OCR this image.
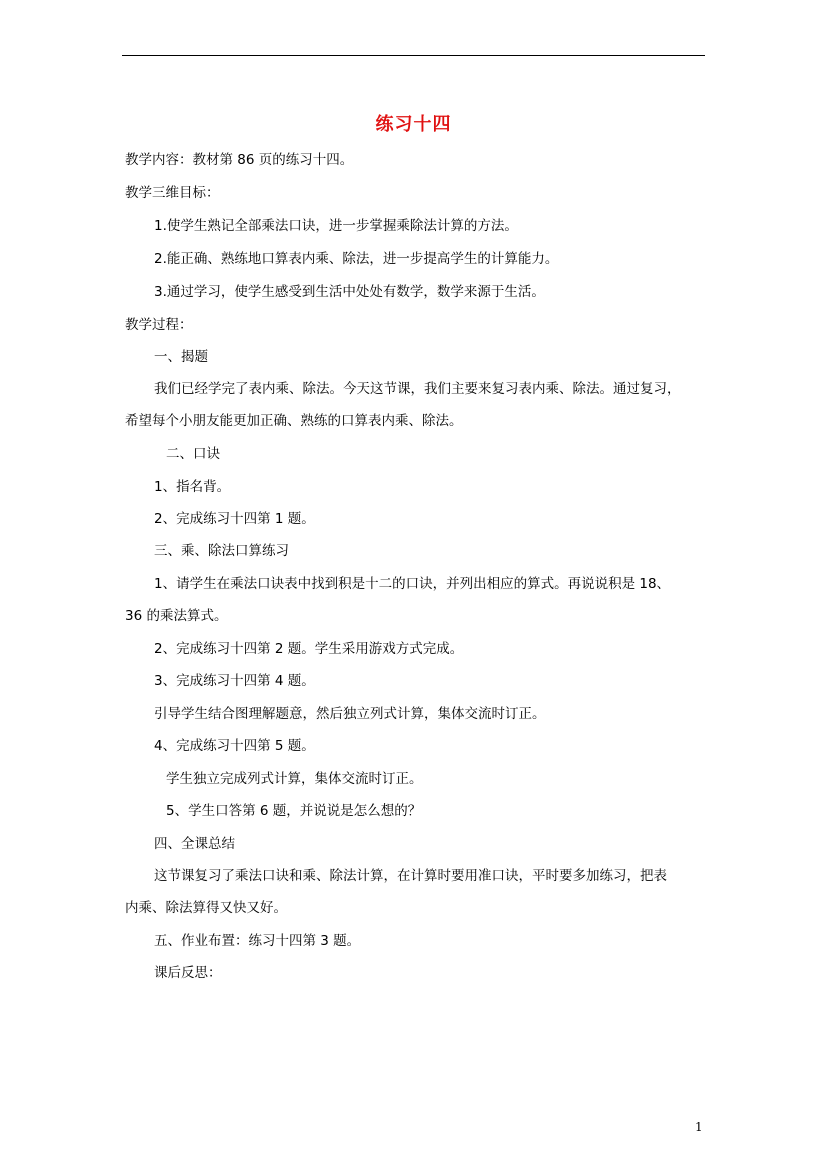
练习十四
教学内容：教材第 86 页的练习十四。
教学三维目标：
1.使学生熟记全部乘法口诀，进一步掌握乘除法计算的方法。
2.能正确、熟练地口算表内乘、除法，进一步提高学生的计算能力。
3.通过学习，使学生感受到生活中处处有数学，数学来源于生活。
教学过程：
一、揭题
我们已经学完了表内乘、除法。今天这节课，我们主要来复习表内乘、除法。通过复习，
希望每个小朋友能更加正确、熟练的口算表内乘、除法。
二、口诀
1、指名背。
2、完成练习十四第 1 题。
三、乘、除法口算练习
1、请学生在乘法口诀表中找到积是十二的口诀，并列出相应的算式。再说说积是 18、
36 的乘法算式。
2、完成练习十四第 2 题。学生采用游戏方式完成。
3、完成练习十四第 4 题。
引导学生结合图理解题意，然后独立列式计算，集体交流时订正。
4、完成练习十四第 5 题。
学生独立完成列式计算，集体交流时订正。
5、学生口答第 6 题，并说说是怎么想的？
四、全课总结
这节课复习了乘法口诀和乘、除法计算，在计算时要用准口诀，平时要多加练习，把表
内乘、除法算得又快又好。
五、作业布置：练习十四第 3 题。
课后反思：
1
